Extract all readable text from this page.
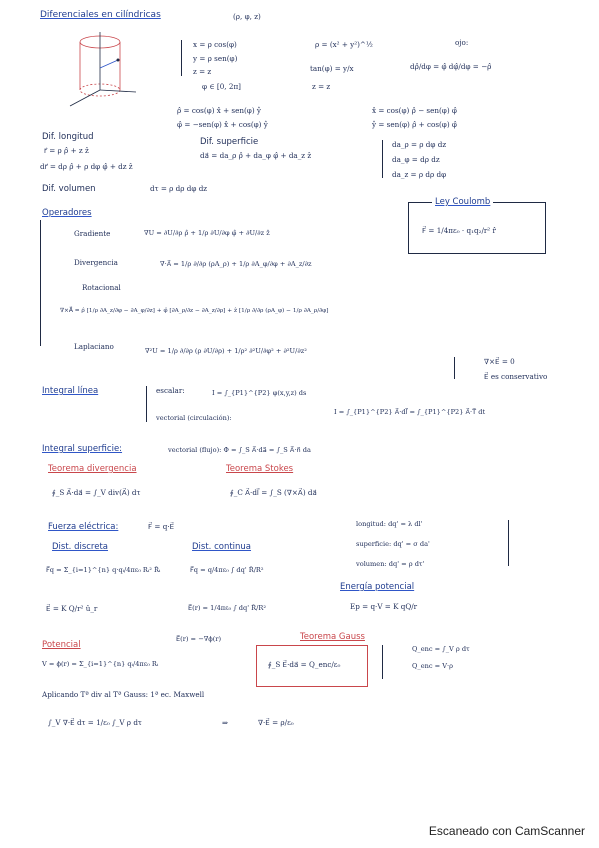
Diferenciales en cilíndricas	(ρ, φ, z)
x = ρ cos(φ)
y = ρ sen(φ)
z = z
φ ∈ [0, 2π]
ρ = (x² + y²)^½
tan(φ) = y/x
z = z
ojo:
dρ̂/dφ = φ̂ dφ̂/dφ = −ρ̂
ρ̂ = cos(φ) x̂ + sen(φ) ŷ
φ̂ = −sen(φ) x̂ + cos(φ) ŷ
x̂ = cos(φ) ρ̂ − sen(φ) φ̂
ŷ = sen(φ) ρ̂ + cos(φ) φ̂
Dif. longitud
r⃗ = ρ ρ̂ + z ẑ
dr⃗ = dρ ρ̂ + ρ dφ φ̂ + dz ẑ
Dif. superficie
da⃗ = da_ρ ρ̂ + da_φ φ̂ + da_z ẑ
da_ρ = ρ dφ dz
da_φ = dρ dz
da_z = ρ dρ dφ
Dif. volumen	dτ = ρ dρ dφ dz
Operadores
Gradiente	∇U = ∂U/∂ρ ρ̂ + 1/ρ ∂U/∂φ φ̂ + ∂U/∂z ẑ
Divergencia	∇·A⃗ = 1/ρ ∂/∂ρ (ρA_ρ) + 1/ρ ∂A_φ/∂φ + ∂A_z/∂z
Rotacional
∇×A⃗ = ρ̂ [1/ρ ∂A_z/∂φ − ∂A_φ/∂z] + φ̂ [∂A_ρ/∂z − ∂A_z/∂ρ] + ẑ [1/ρ ∂/∂ρ (ρA_φ) − 1/ρ ∂A_ρ/∂φ]
Laplaciano	∇²U = 1/ρ ∂/∂ρ (ρ ∂U/∂ρ) + 1/ρ² ∂²U/∂φ² + ∂²U/∂z²
Ley Coulomb
F⃗ = 1/4πε₀ · q₁q₂/r² r̂
∇×E⃗ = 0
E⃗ es conservativo
Integral línea	escalar:	I = ∫_{P1}^{P2} φ(x,y,z) ds
vectorial (circulación):
I = ∫_{P1}^{P2} A⃗·dl⃗ = ∫_{P1}^{P2} A⃗·T⃗ dt
Integral superficie:	vectorial (flujo): Φ = ∫_S A⃗·da⃗ = ∫_S A⃗·n⃗ da
Teorema divergencia
∮_S A⃗·da⃗ = ∫_V div(A⃗) dτ
Teorema Stokes
∮_C A⃗·dl⃗ = ∫_S (∇×A⃗) da⃗
Fuerza eléctrica:	F⃗ = q·E⃗	longitud: dq' = λ dl'
superficie: dq' = σ da'
volumen: dq' = ρ dτ'
Dist. discreta	Dist. continua
F⃗q = Σ_{i=1}^{n} q·qᵢ/4πε₀ Rᵢ² R̂ᵢ	F⃗q = q/4πε₀ ∫ dq' R̂/R²
Energía potencial
Ep = q·V = K qQ/r
E⃗ = K Q/r² û_r	E⃗(r) = 1/4πε₀ ∫ dq' R̂/R²
E⃗(r) = −∇ϕ(r)
Potencial
V = ϕ(r) = Σ_{i=1}^{n} qᵢ/4πε₀ Rᵢ
Teorema Gauss
∮_S E⃗·da⃗ = Q_enc/ε₀
Q_enc = ∫_V ρ dτ
Q_enc = V·ρ
Aplicando Tª div al Tª Gauss: 1ª ec. Maxwell
∫_V ∇·E⃗ dτ = 1/ε₀ ∫_V ρ dτ	⇒	∇·E⃗ = ρ/ε₀
Escaneado con CamScanner
